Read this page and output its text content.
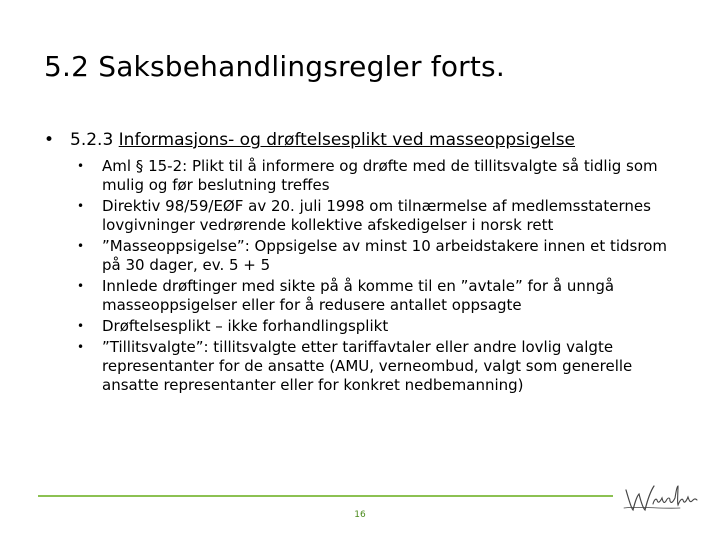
5.2 Saksbehandlingsregler forts.
• 5.2.3 Informasjons- og drøftelsesplikt ved masseoppsigelse
• Aml § 15-2: Plikt til å informere og drøfte med de tillitsvalgte så tidlig som mulig og før beslutning treffes
• Direktiv 98/59/EØF av 20. juli 1998 om tilnærmelse af medlemsstaternes lovgivninger vedrørende kollektive afskedigelser i norsk rett
• ”Masseoppsigelse”: Oppsigelse av minst 10 arbeidstakere innen et tidsrom på 30 dager, ev. 5 + 5
• Innlede drøftinger med sikte på å komme til en ”avtale” for å unngå masseoppsigelser eller for å redusere antallet oppsagte
• Drøftelsesplikt – ikke forhandlingsplikt
• ”Tillitsvalgte”: tillitsvalgte etter tariffavtaler eller andre lovlig valgte representanter for de ansatte (AMU, verneombud, valgt som generelle ansatte representanter eller for konkret nedbemanning)
16
